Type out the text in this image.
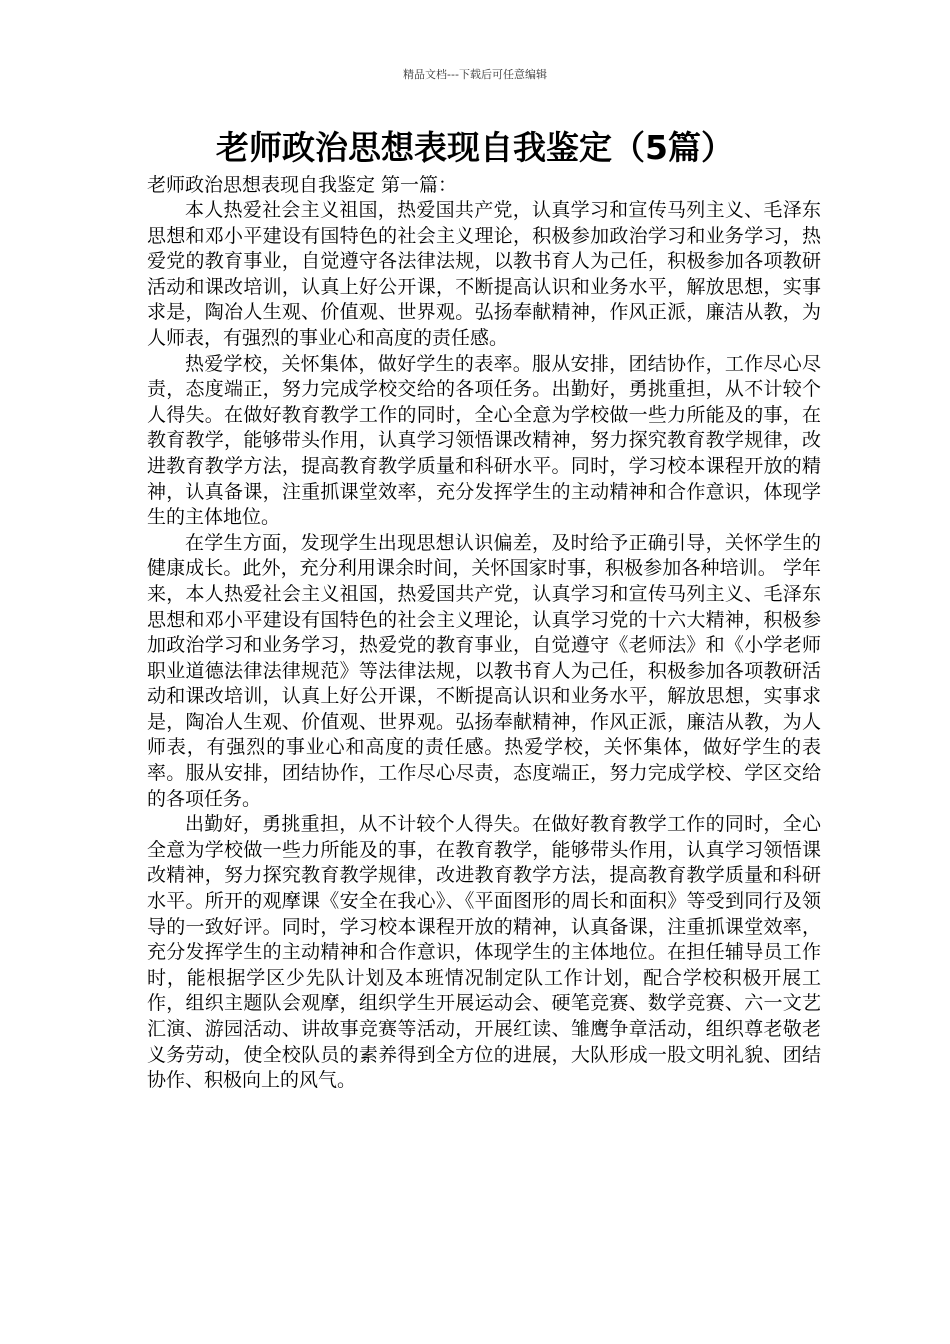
精品文档---下载后可任意编辑
老师政治思想表现自我鉴定（5篇）

老师政治思想表现自我鉴定 第一篇：

本人热爱社会主义祖国，热爱国共产党，认真学习和宣传马列主义、毛泽东思想和邓小平建设有国特色的社会主义理论，积极参加政治学习和业务学习，热爱党的教育事业，自觉遵守各法律法规，以教书育人为己任，积极参加各项教研活动和课改培训，认真上好公开课，不断提高认识和业务水平，解放思想，实事求是，陶冶人生观、价值观、世界观。弘扬奉献精神，作风正派，廉洁从教，为人师表，有强烈的事业心和高度的责任感。

热爱学校，关怀集体，做好学生的表率。服从安排，团结协作，工作尽心尽责，态度端正，努力完成学校交给的各项任务。出勤好，勇挑重担，从不计较个人得失。在做好教育教学工作的同时，全心全意为学校做一些力所能及的事，在教育教学，能够带头作用，认真学习领悟课改精神，努力探究教育教学规律，改进教育教学方法，提高教育教学质量和科研水平。同时，学习校本课程开放的精神，认真备课，注重抓课堂效率，充分发挥学生的主动精神和合作意识，体现学生的主体地位。

在学生方面，发现学生出现思想认识偏差，及时给予正确引导，关怀学生的健康成长。此外，充分利用课余时间，关怀国家时事，积极参加各种培训。 学年来，本人热爱社会主义祖国，热爱国共产党，认真学习和宣传马列主义、毛泽东思想和邓小平建设有国特色的社会主义理论，认真学习党的十六大精神，积极参加政治学习和业务学习，热爱党的教育事业，自觉遵守《老师法》和《小学老师职业道德法律法律规范》等法律法规，以教书育人为己任，积极参加各项教研活动和课改培训，认真上好公开课，不断提高认识和业务水平，解放思想，实事求是，陶冶人生观、价值观、世界观。弘扬奉献精神，作风正派，廉洁从教，为人师表，有强烈的事业心和高度的责任感。热爱学校，关怀集体，做好学生的表率。服从安排，团结协作，工作尽心尽责，态度端正，努力完成学校、学区交给的各项任务。

出勤好，勇挑重担，从不计较个人得失。在做好教育教学工作的同时，全心全意为学校做一些力所能及的事，在教育教学，能够带头作用，认真学习领悟课改精神，努力探究教育教学规律，改进教育教学方法，提高教育教学质量和科研水平。所开的观摩课《安全在我心》、《平面图形的周长和面积》等受到同行及领导的一致好评。同时，学习校本课程开放的精神，认真备课，注重抓课堂效率，充分发挥学生的主动精神和合作意识，体现学生的主体地位。在担任辅导员工作时，能根据学区少先队计划及本班情况制定队工作计划，配合学校积极开展工作，组织主题队会观摩，组织学生开展运动会、硬笔竞赛、数学竞赛、六一文艺汇演、游园活动、讲故事竞赛等活动，开展红读、雏鹰争章活动，组织尊老敬老义务劳动，使全校队员的素养得到全方位的进展，大队形成一股文明礼貌、团结协作、积极向上的风气。
